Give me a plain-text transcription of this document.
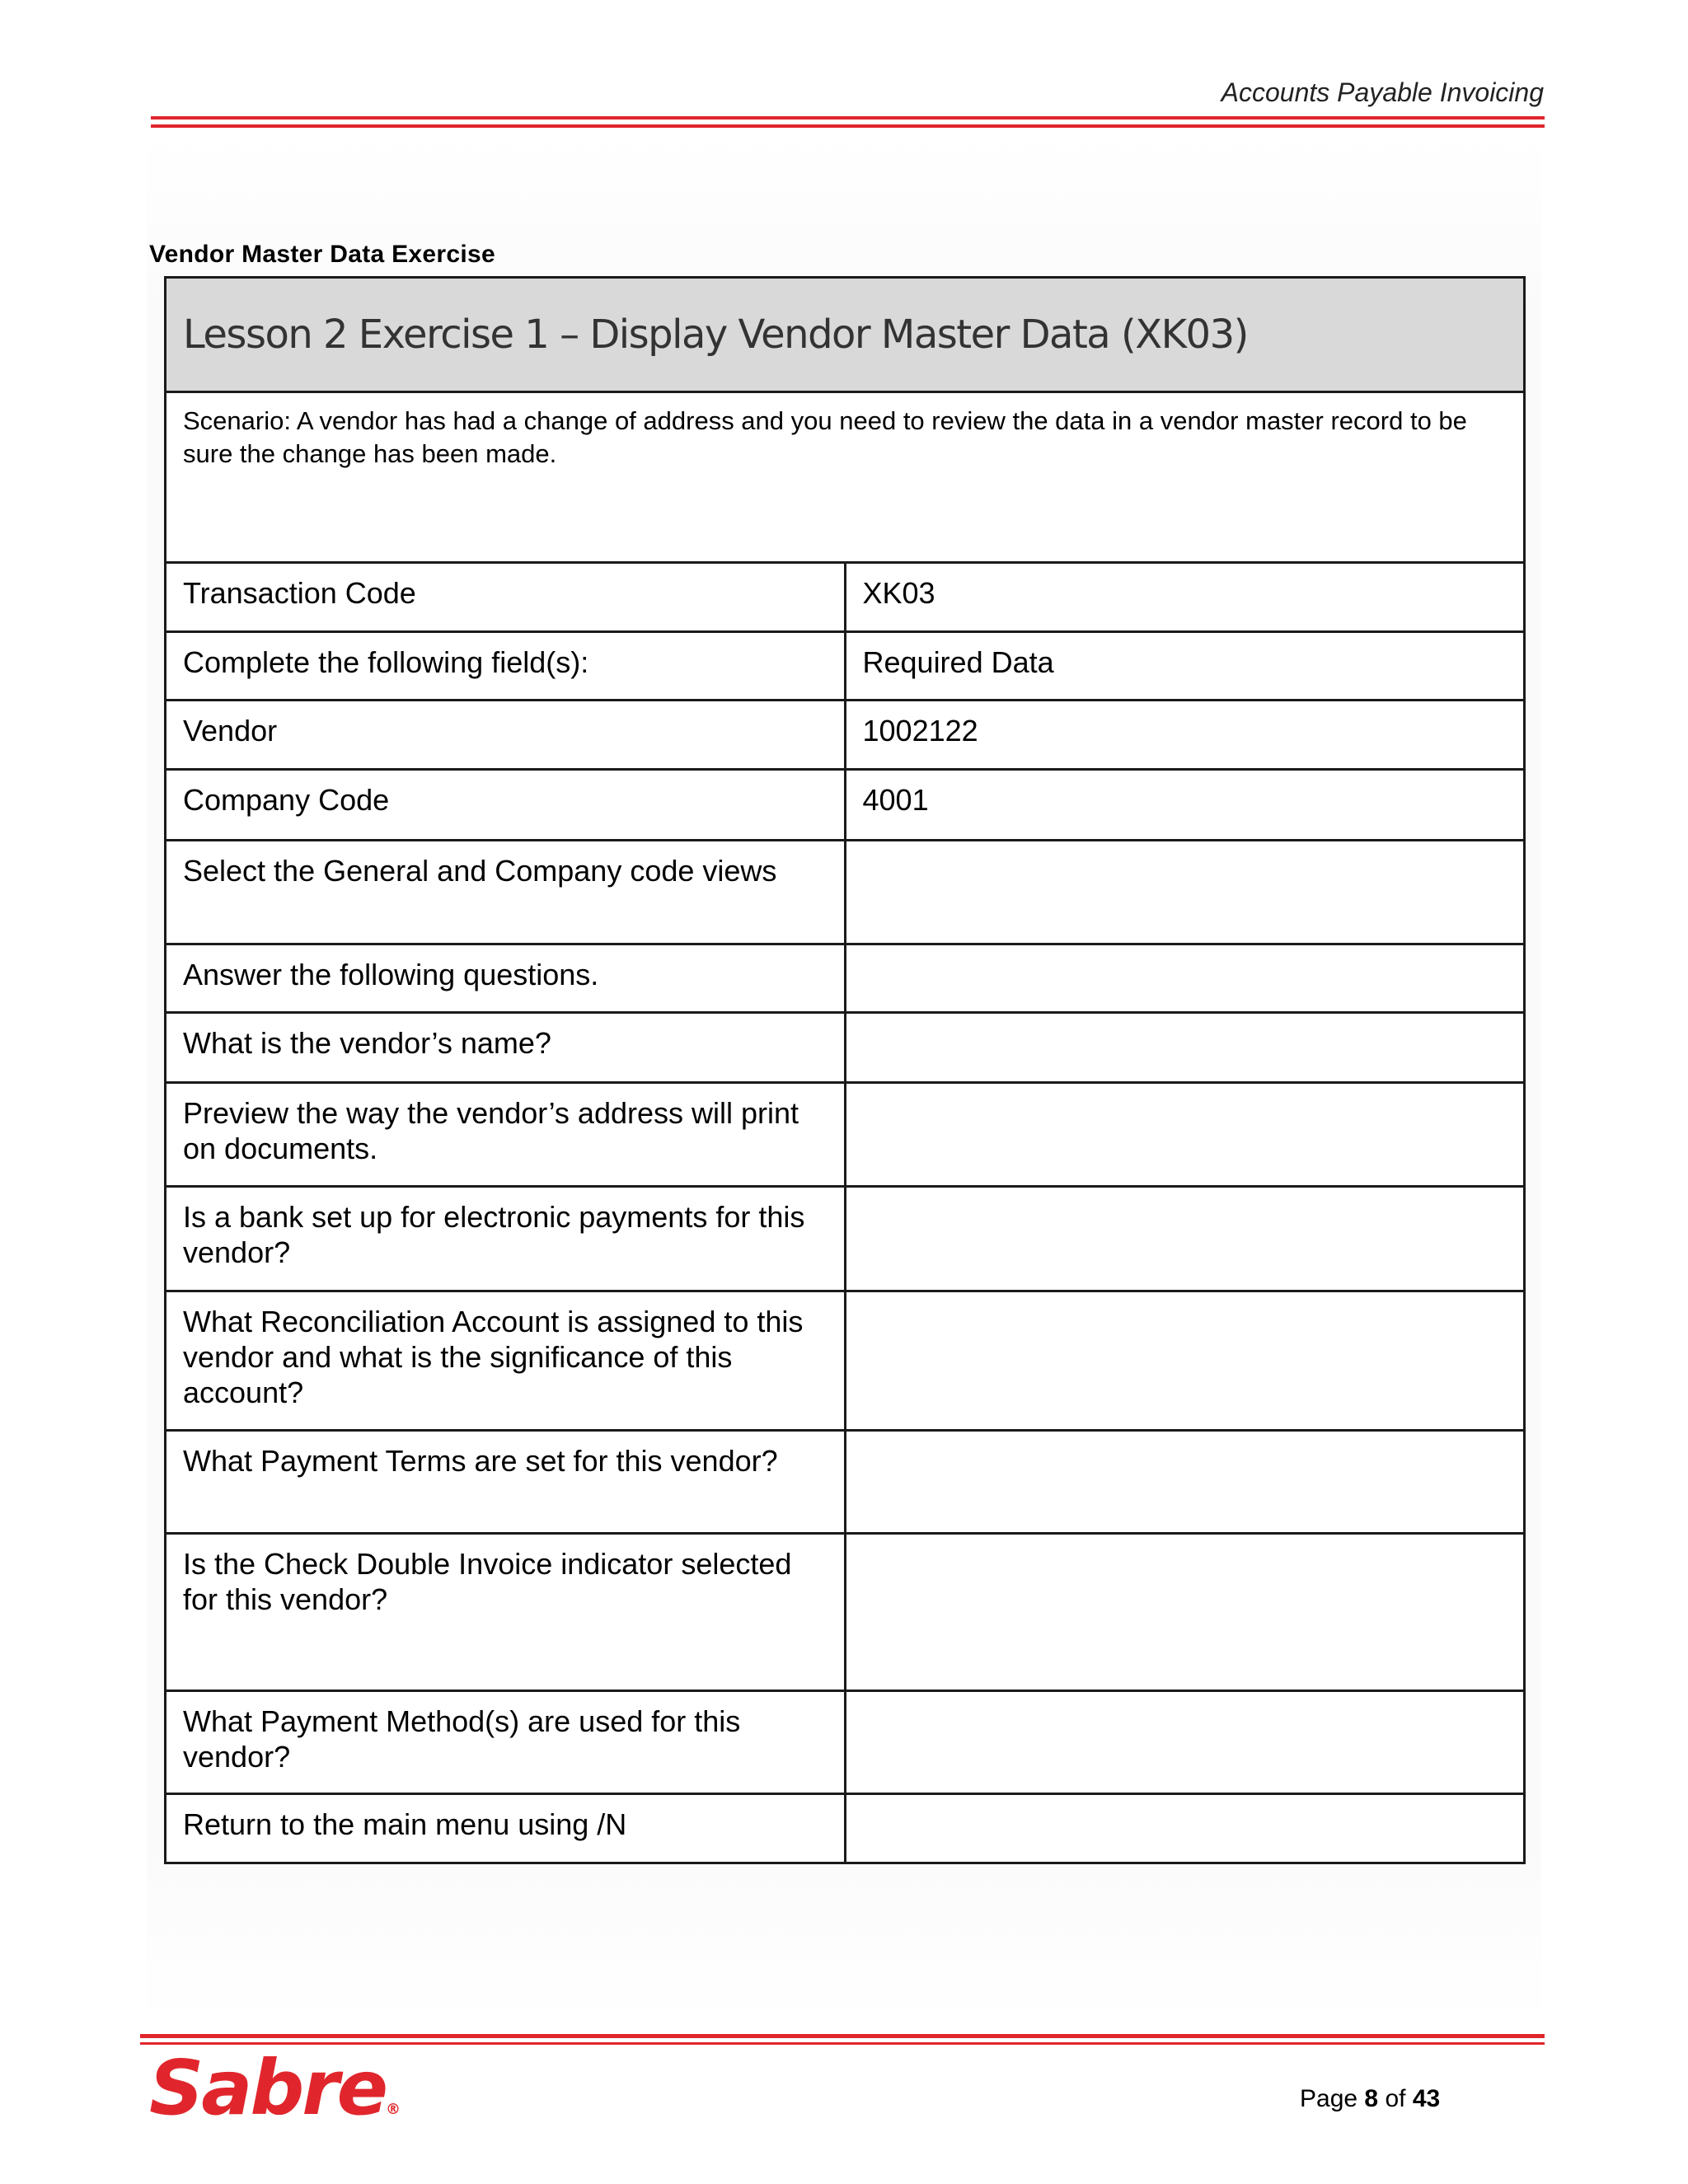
Accounts Payable Invoicing
Vendor Master Data Exercise
Lesson 2 Exercise 1 – Display Vendor Master Data (XK03)	
Scenario: A vendor has had a change of address and you need to review the data in a vendor master record to be sure the change has been made.	

Transaction Code	XK03

Complete the following field(s):	Required Data

Vendor	1002122

Company Code	4001

Select the General and Company code views	

Answer the following questions.	

What is the vendor’s name?	

Preview the way the vendor’s address will print on documents.	

Is a bank set up for electronic payments for this vendor?	

What Reconciliation Account is assigned to this vendor and what is the significance of this account?	

What Payment Terms are set for this vendor?	

Is the Check Double Invoice indicator selected for this vendor?	

What Payment Method(s) are used for this vendor?	

Return to the main menu using /N	

Sabre®	Page 8 of 43
